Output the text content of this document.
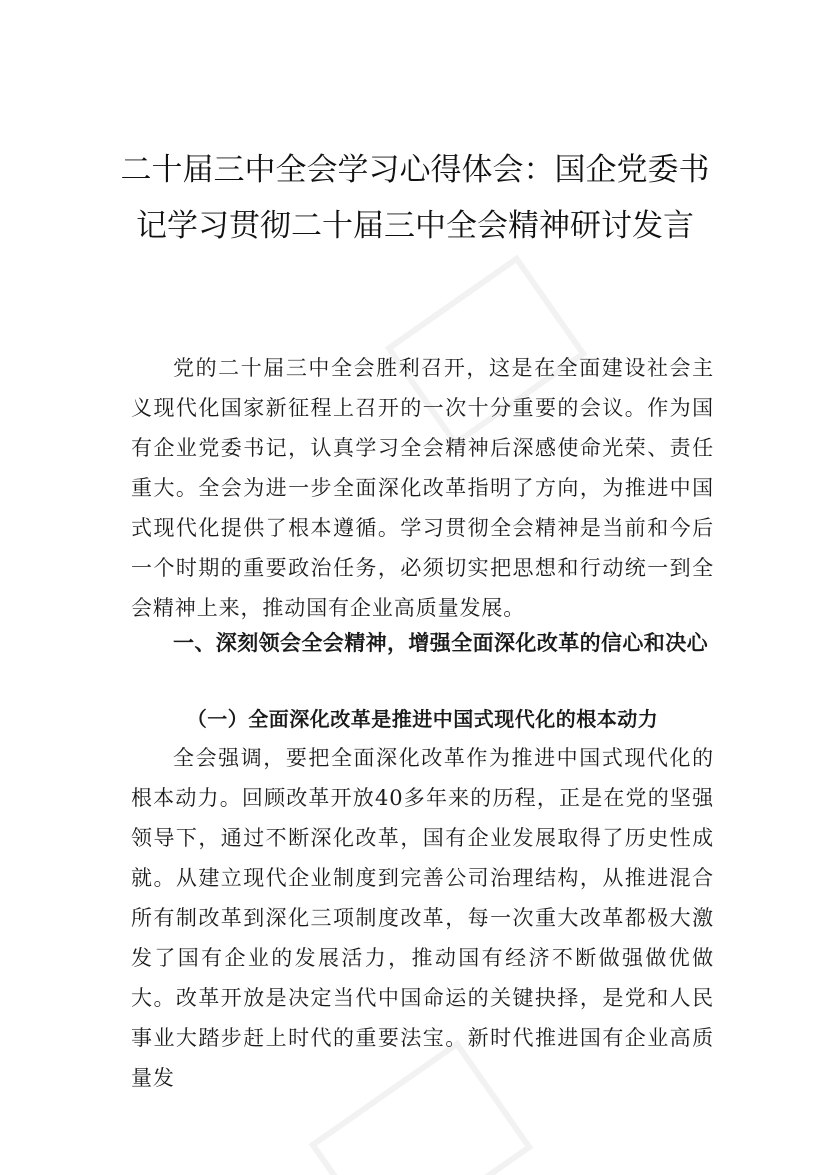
二十届三中全会学习心得体会：国企党委书记学习贯彻二十届三中全会精神研讨发言

党的二十届三中全会胜利召开，这是在全面建设社会主义现代化国家新征程上召开的一次十分重要的会议。作为国有企业党委书记，认真学习全会精神后深感使命光荣、责任重大。全会为进一步全面深化改革指明了方向，为推进中国式现代化提供了根本遵循。学习贯彻全会精神是当前和今后一个时期的重要政治任务，必须切实把思想和行动统一到全会精神上来，推动国有企业高质量发展。

一、深刻领会全会精神，增强全面深化改革的信心和决心
（一）全面深化改革是推进中国式现代化的根本动力

全会强调，要把全面深化改革作为推进中国式现代化的根本动力。回顾改革开放40多年来的历程，正是在党的坚强领导下，通过不断深化改革，国有企业发展取得了历史性成就。从建立现代企业制度到完善公司治理结构，从推进混合所有制改革到深化三项制度改革，每一次重大改革都极大激发了国有企业的发展活力，推动国有经济不断做强做优做大。改革开放是决定当代中国命运的关键抉择，是党和人民事业大踏步赶上时代的重要法宝。新时代推进国有企业高质量发
